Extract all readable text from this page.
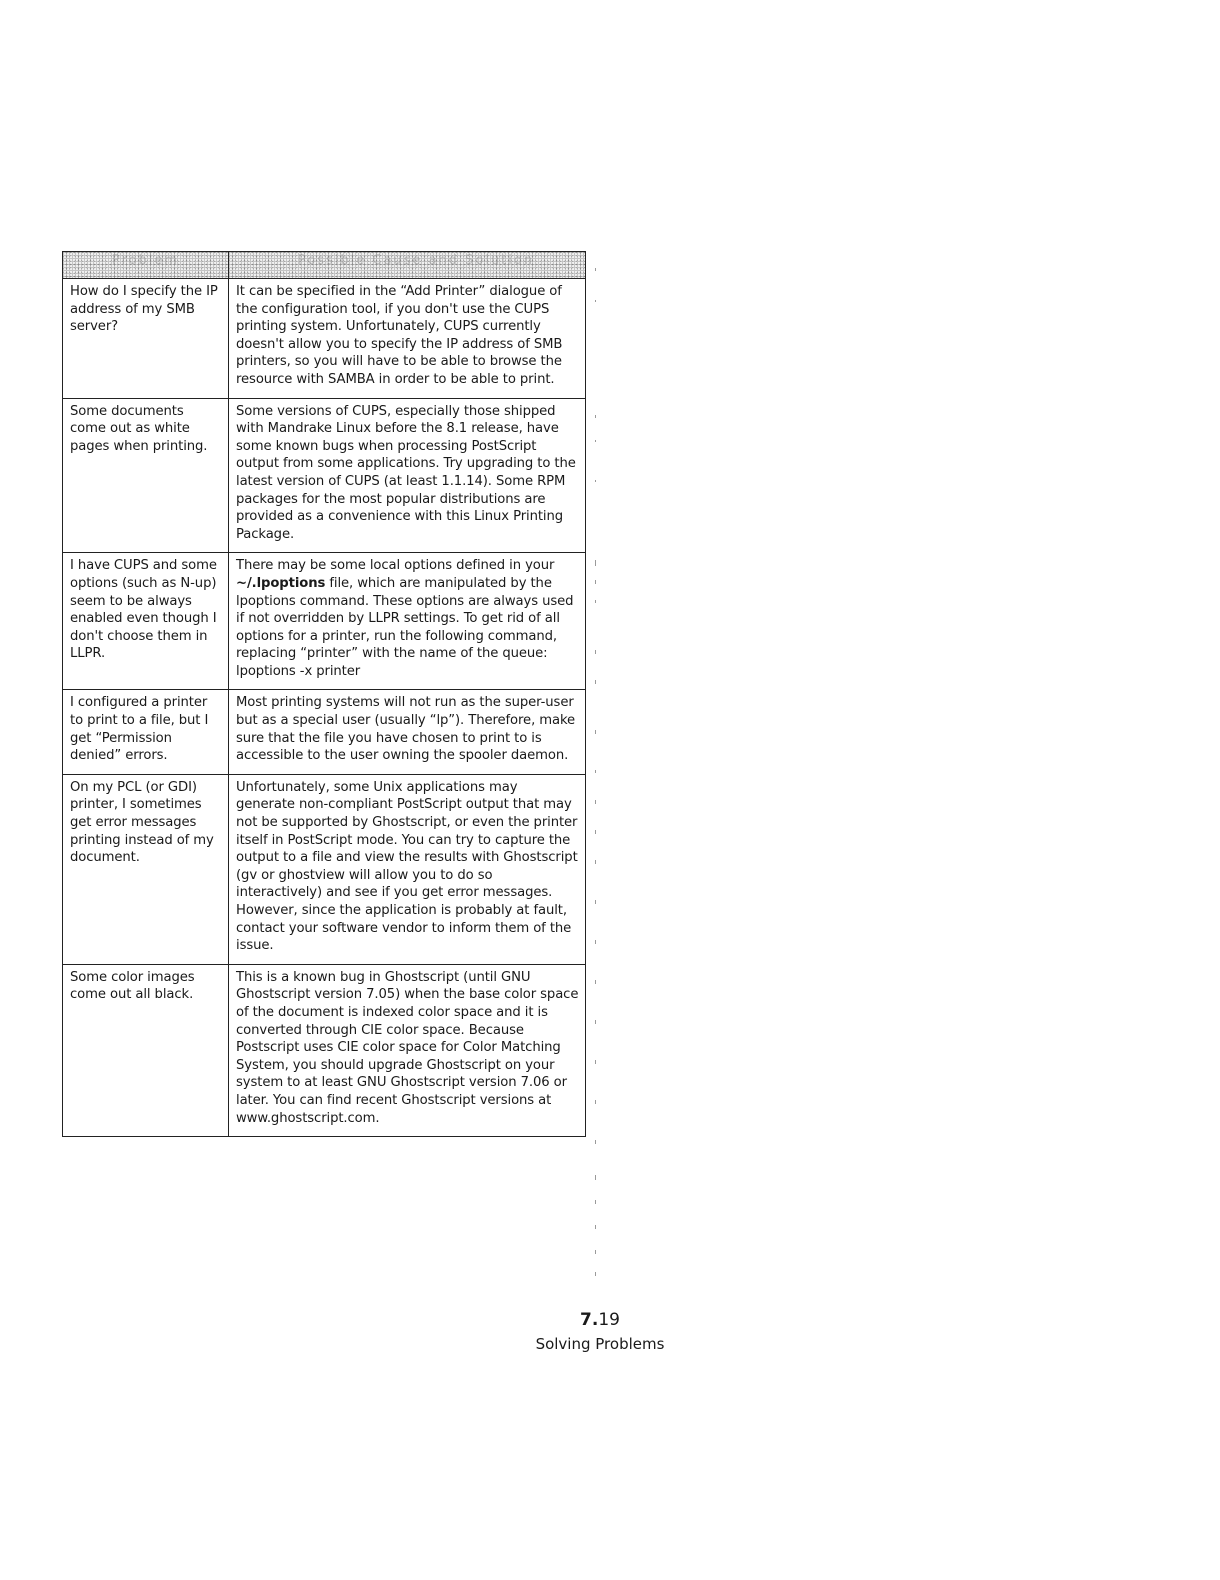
Problem	Possible Cause and Solution
How do I specify the IP address of my SMB server?	It can be specified in the “Add Printer” dialogue of the configuration tool, if you don't use the CUPS printing system. Unfortunately, CUPS currently doesn't allow you to specify the IP address of SMB printers, so you will have to be able to browse the resource with SAMBA in order to be able to print.
Some documents come out as white pages when printing.	Some versions of CUPS, especially those shipped with Mandrake Linux before the 8.1 release, have some known bugs when processing PostScript output from some applications. Try upgrading to the latest version of CUPS (at least 1.1.14). Some RPM packages for the most popular distributions are provided as a convenience with this Linux Printing Package.
I have CUPS and some options (such as N-up) seem to be always enabled even though I don't choose them in LLPR.	There may be some local options defined in your ~/.lpoptions file, which are manipulated by the lpoptions command. These options are always used if not overridden by LLPR settings. To get rid of all options for a printer, run the following command, replacing “printer” with the name of the queue: lpoptions -x printer
I configured a printer to print to a file, but I get “Permission denied” errors.	Most printing systems will not run as the super-user but as a special user (usually “lp”). Therefore, make sure that the file you have chosen to print to is accessible to the user owning the spooler daemon.
On my PCL (or GDI) printer, I sometimes get error messages printing instead of my document.	Unfortunately, some Unix applications may generate non-compliant PostScript output that may not be supported by Ghostscript, or even the printer itself in PostScript mode. You can try to capture the output to a file and view the results with Ghostscript (gv or ghostview will allow you to do so interactively) and see if you get error messages. However, since the application is probably at fault, contact your software vendor to inform them of the issue.
Some color images come out all black.	This is a known bug in Ghostscript (until GNU Ghostscript version 7.05) when the base color space of the document is indexed color space and it is converted through CIE color space. Because Postscript uses CIE color space for Color Matching System, you should upgrade Ghostscript on your system to at least GNU Ghostscript version 7.06 or later. You can find recent Ghostscript versions at www.ghostscript.com.
7.19
Solving Problems
